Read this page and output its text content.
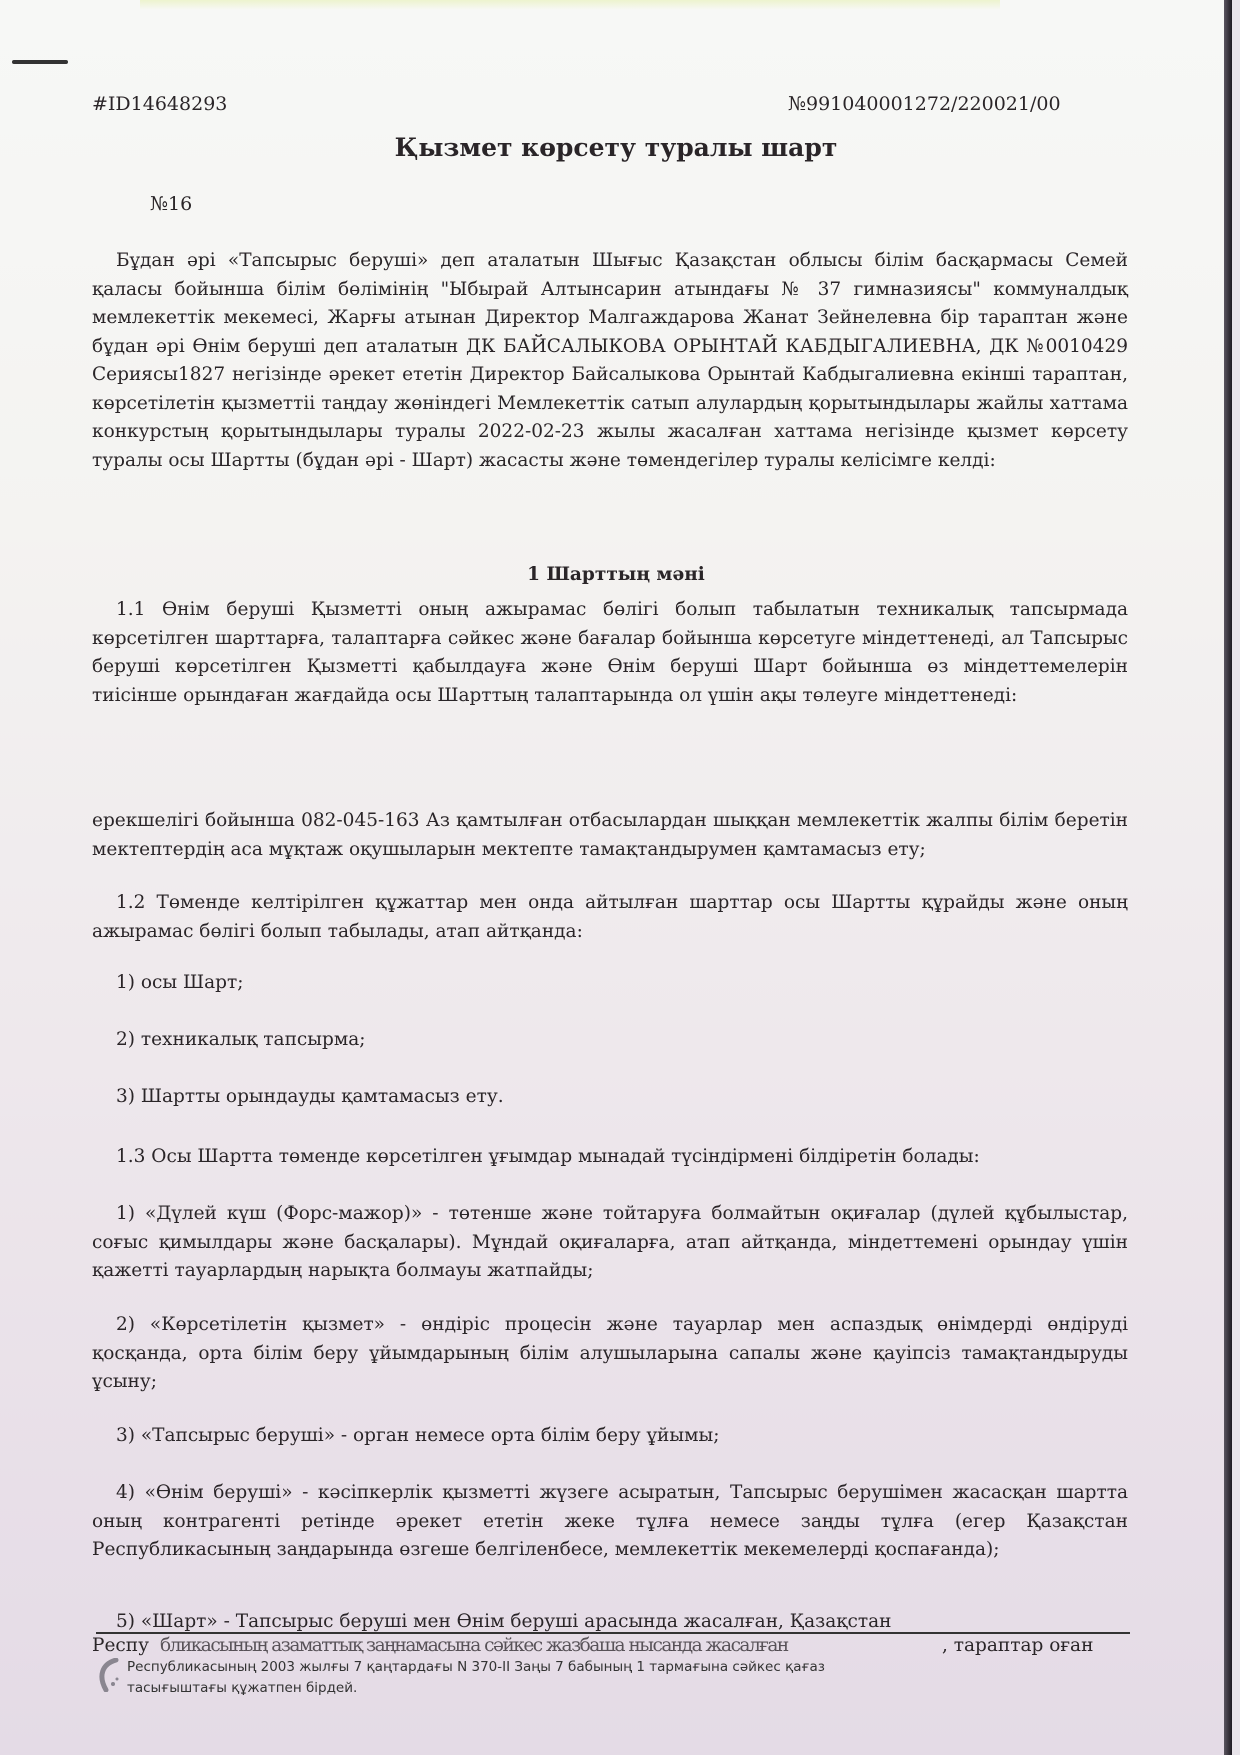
#ID14648293	№991040001272/220021/00
Қызмет көрсету туралы шарт
№16
Бұдан әрі «Тапсырыс беруші» деп аталатын Шығыс Қазақстан облысы білім басқармасы Семей қаласы бойынша білім бөлімінің "Ыбырай Алтынсарин атындағы № 37 гимназиясы" коммуналдық мемлекеттік мекемесі, Жарғы атынан Директор Малгаждарова Жанат Зейнелевна бір тараптан және бұдан әрі Өнім беруші деп аталатын ДК БАЙСАЛЫКОВА ОРЫНТАЙ КАБДЫГАЛИЕВНА, ДК №0010429 Сериясы1827 негізінде әрекет ететін Директор Байсалыкова Орынтай Кабдыгалиевна екінші тараптан, көрсетілетін қызметтіі таңдау жөніндегі Мемлекеттік сатып алулардың қорытындылары жайлы хаттама конкурстың қорытындылары туралы 2022-02-23 жылы жасалған хаттама негізінде қызмет көрсету туралы осы Шартты (бұдан әрі - Шарт) жасасты және төмендегілер туралы келісімге келді:
1 Шарттың мәні
1.1 Өнім беруші Қызметті оның ажырамас бөлігі болып табылатын техникалық тапсырмада көрсетілген шарттарға, талаптарға сәйкес және бағалар бойынша көрсетуге міндеттенеді, ал Тапсырыс беруші көрсетілген Қызметті қабылдауға және Өнім беруші Шарт бойынша өз міндеттемелерін тиісінше орындаған жағдайда осы Шарттың талаптарында ол үшін ақы төлеуге міндеттенеді:
ерекшелігі бойынша 082-045-163 Аз қамтылған отбасылардан шыққан мемлекеттік жалпы білім беретін мектептердің аса мұқтаж оқушыларын мектепте тамақтандырумен қамтамасыз ету;
1.2 Төменде келтірілген құжаттар мен онда айтылған шарттар осы Шартты құрайды және оның ажырамас бөлігі болып табылады, атап айтқанда:
1) осы Шарт;
2) техникалық тапсырма;
3) Шартты орындауды қамтамасыз ету.
1.3 Осы Шартта төменде көрсетілген ұғымдар мынадай түсіндірмені білдіретін болады:
1) «Дүлей күш (Форс-мажор)» - төтенше және тойтаруға болмайтын оқиғалар (дүлей құбылыстар, соғыс қимылдары және басқалары). Мұндай оқиғаларға, атап айтқанда, міндеттемені орындау үшін қажетті тауарлардың нарықта болмауы жатпайды;
2) «Көрсетілетін қызмет» - өндіріс процесін және тауарлар мен аспаздық өнімдерді өндіруді қосқанда, орта білім беру ұйымдарының білім алушыларына сапалы және қауіпсіз тамақтандыруды ұсыну;
3) «Тапсырыс беруші» - орган немесе орта білім беру ұйымы;
4) «Өнім беруші» - кәсіпкерлік қызметті жүзеге асыратын, Тапсырыс берушімен жасасқан шартта оның контрагенті ретінде әрекет ететін жеке тұлға немесе заңды тұлға (егер Қазақстан Республикасының заңдарында өзгеше белгіленбесе, мемлекеттік мекемелерді қоспағанда);
5) «Шарт» - Тапсырыс беруші мен Өнім беруші арасында жасалған, Қазақстан
Респу бликасының азаматтық заңнамасына сәйкес жазбаша нысанда жасалған	, тараптар оған
Республикасының 2003 жылғы 7 қаңтардағы N 370-II Заңы 7 бабының 1 тармағына сәйкес қағаз тасығыштағы құжатпен бірдей.
